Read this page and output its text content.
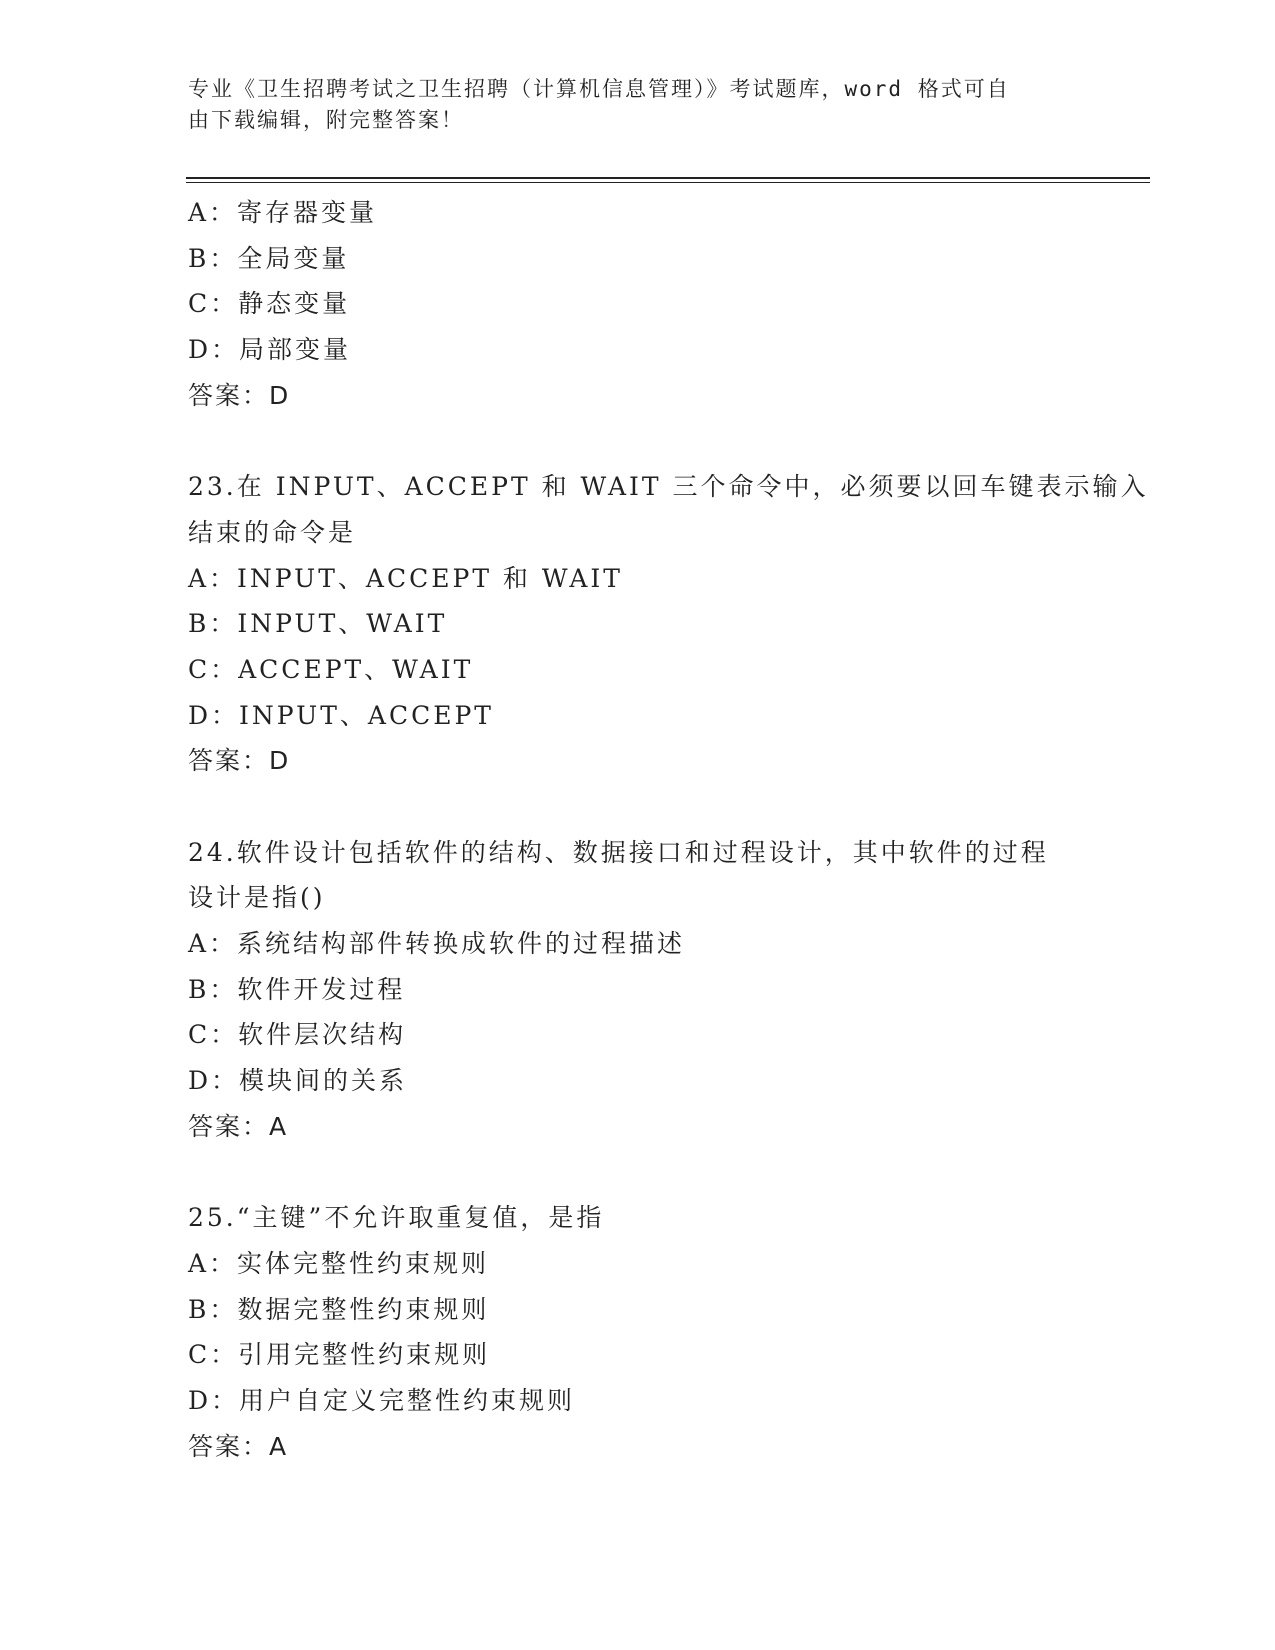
专业《卫生招聘考试之卫生招聘（计算机信息管理）》考试题库，word 格式可自
由下载编辑，附完整答案！
A：寄存器变量
B：全局变量
C：静态变量
D：局部变量
答案：D
23.在 INPUT、ACCEPT 和 WAIT 三个命令中，必须要以回车键表示输入
结束的命令是
A：INPUT、ACCEPT 和 WAIT
B：INPUT、WAIT
C：ACCEPT、WAIT
D：INPUT、ACCEPT
答案：D
24.软件设计包括软件的结构、数据接口和过程设计，其中软件的过程
设计是指()
A：系统结构部件转换成软件的过程描述
B：软件开发过程
C：软件层次结构
D：模块间的关系
答案：A
25.“主键”不允许取重复值，是指
A：实体完整性约束规则
B：数据完整性约束规则
C：引用完整性约束规则
D：用户自定义完整性约束规则
答案：A
